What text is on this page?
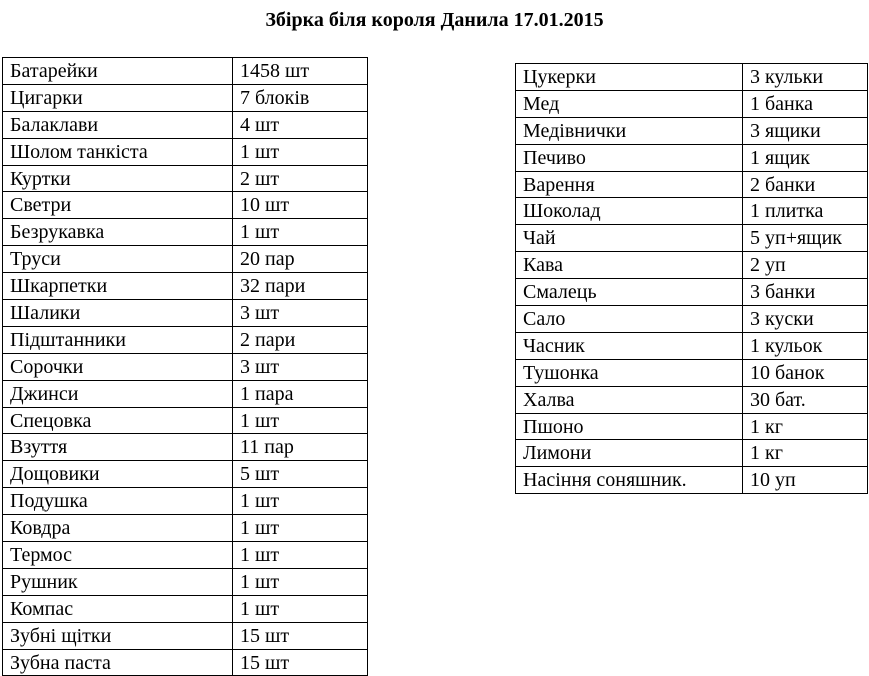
Збірка біля короля Данила 17.01.2015
Батарейки	1458 шт
Цигарки	7 блоків
Балаклави	4 шт
Шолом танкіста	1 шт
Куртки	2 шт
Светри	10 шт
Безрукавка	1 шт
Труси	20 пар
Шкарпетки	32 пари
Шалики	3 шт
Підштанники	2 пари
Сорочки	3 шт
Джинси	1 пара
Спецовка	1 шт
Взуття	11 пар
Дощовики	5 шт
Подушка	1 шт
Ковдра	1 шт
Термос	1 шт
Рушник	1 шт
Компас	1 шт
Зубні щітки	15 шт
Зубна паста	15 шт
Цукерки	3 кульки
Мед	1 банка
Медівнички	3 ящики
Печиво	1 ящик
Варення	2 банки
Шоколад	1 плитка
Чай	5 уп+ящик
Кава	2 уп
Смалець	3 банки
Сало	3 куски
Часник	1 кульок
Тушонка	10 банок
Халва	30 бат.
Пшоно	1 кг
Лимони	1 кг
Насіння соняшник.	10 уп
